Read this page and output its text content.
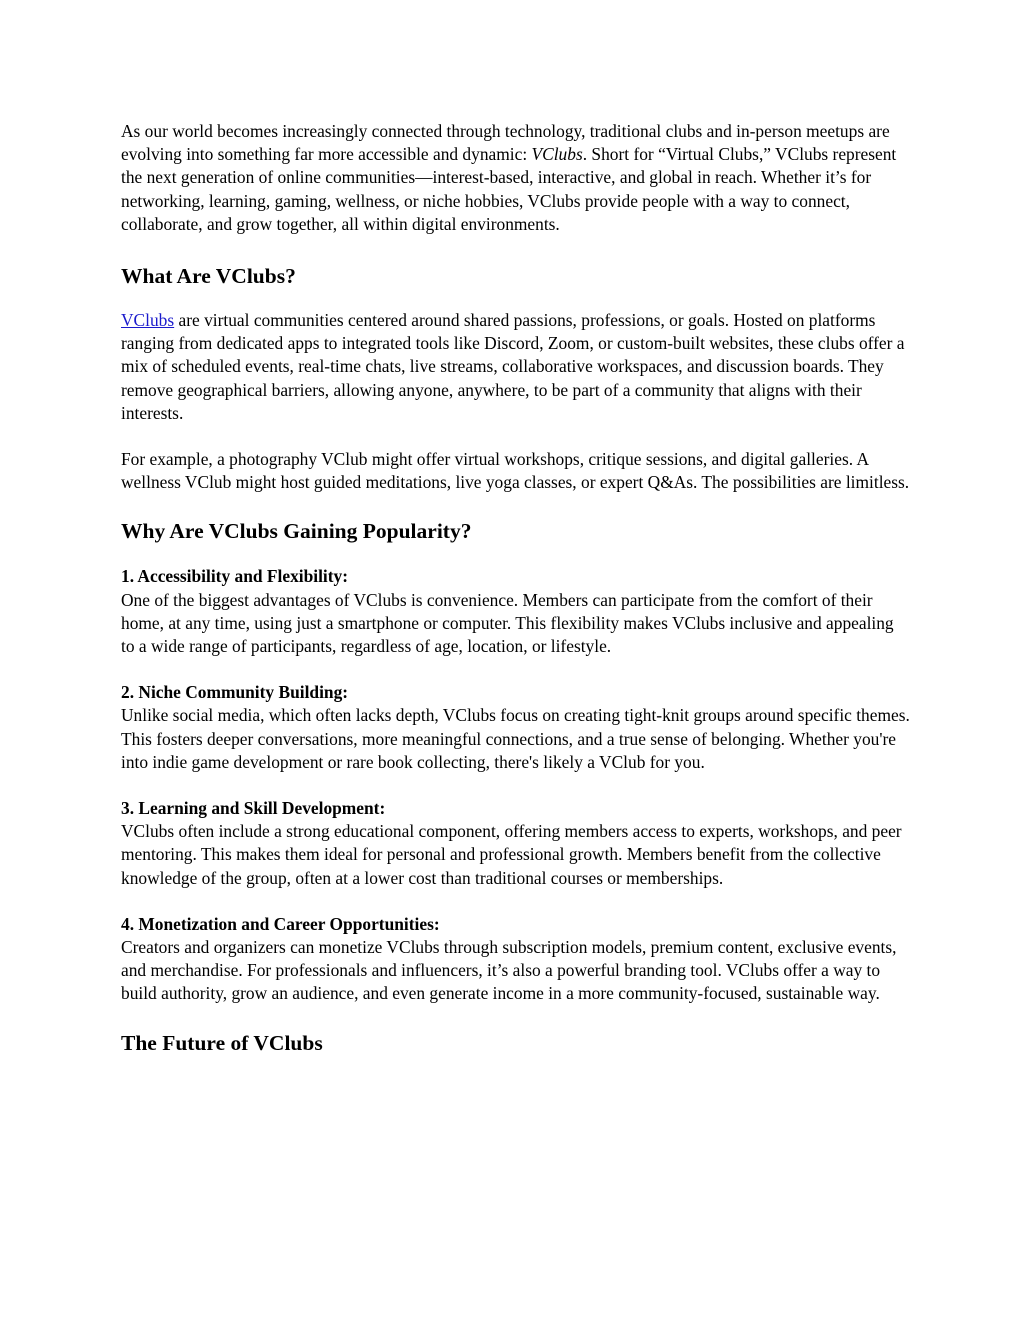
As our world becomes increasingly connected through technology, traditional clubs and in-person meetups are evolving into something far more accessible and dynamic: VClubs. Short for “Virtual Clubs,” VClubs represent the next generation of online communities—interest-based, interactive, and global in reach. Whether it’s for networking, learning, gaming, wellness, or niche hobbies, VClubs provide people with a way to connect, collaborate, and grow together, all within digital environments.

What Are VClubs?

VClubs are virtual communities centered around shared passions, professions, or goals. Hosted on platforms ranging from dedicated apps to integrated tools like Discord, Zoom, or custom-built websites, these clubs offer a mix of scheduled events, real-time chats, live streams, collaborative workspaces, and discussion boards. They remove geographical barriers, allowing anyone, anywhere, to be part of a community that aligns with their interests.

For example, a photography VClub might offer virtual workshops, critique sessions, and digital galleries. A wellness VClub might host guided meditations, live yoga classes, or expert Q&As. The possibilities are limitless.

Why Are VClubs Gaining Popularity?

1. Accessibility and Flexibility:
One of the biggest advantages of VClubs is convenience. Members can participate from the comfort of their home, at any time, using just a smartphone or computer. This flexibility makes VClubs inclusive and appealing to a wide range of participants, regardless of age, location, or lifestyle.

2. Niche Community Building:
Unlike social media, which often lacks depth, VClubs focus on creating tight-knit groups around specific themes. This fosters deeper conversations, more meaningful connections, and a true sense of belonging. Whether you're into indie game development or rare book collecting, there's likely a VClub for you.

3. Learning and Skill Development:
VClubs often include a strong educational component, offering members access to experts, workshops, and peer mentoring. This makes them ideal for personal and professional growth. Members benefit from the collective knowledge of the group, often at a lower cost than traditional courses or memberships.

4. Monetization and Career Opportunities:
Creators and organizers can monetize VClubs through subscription models, premium content, exclusive events, and merchandise. For professionals and influencers, it’s also a powerful branding tool. VClubs offer a way to build authority, grow an audience, and even generate income in a more community-focused, sustainable way.

The Future of VClubs
